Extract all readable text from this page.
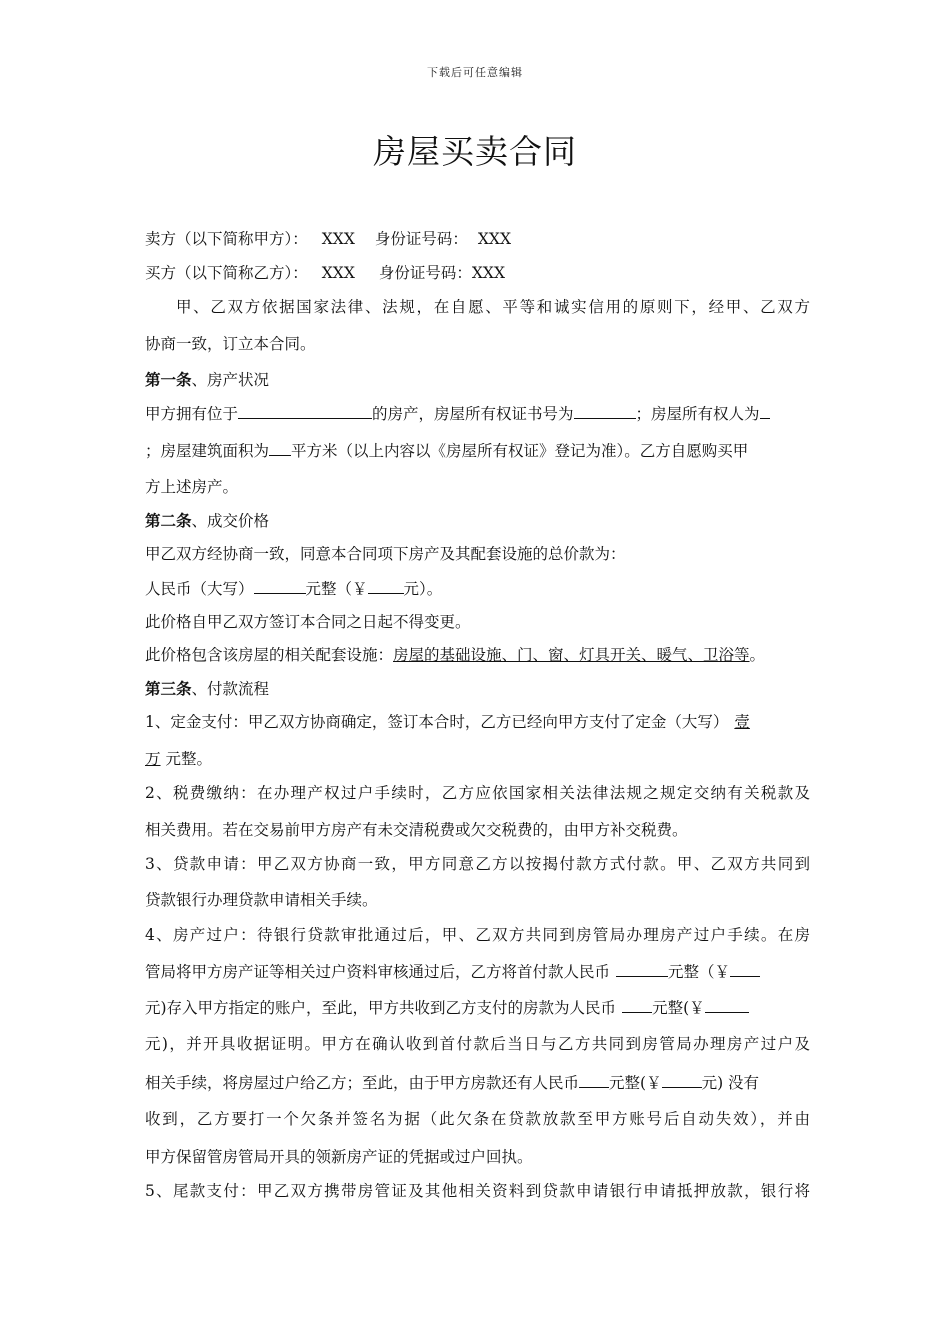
下载后可任意编辑
房屋买卖合同
卖方（以下简称甲方）： XXX 身份证号码： XXX
买方（以下简称乙方）： XXX 身份证号码：XXX
甲、乙双方依据国家法律、法规，在自愿、平等和诚实信用的原则下，经甲、乙双方
协商一致，订立本合同。
第一条、房产状况
甲方拥有位于	的房产，房屋所有权证书号为	；房屋所有权人为
；房屋建筑面积为 平方米（以上内容以《房屋所有权证》登记为准）。乙方自愿购买甲
方上述房产。
第二条、成交价格
甲乙双方经协商一致，同意本合同项下房产及其配套设施的总价款为：
人民币（大写）	元整（￥ 元）。
此价格自甲乙双方签订本合同之日起不得变更。
此价格包含该房屋的相关配套设施：房屋的基础设施、门、窗、灯具开关、暖气、卫浴等。
第三条、付款流程
1、定金支付：甲乙双方协商确定，签订本合时，乙方已经向甲方支付了定金（大写） 壹
万 元整。
2、税费缴纳：在办理产权过户手续时，乙方应依国家相关法律法规之规定交纳有关税款及
相关费用。若在交易前甲方房产有未交清税费或欠交税费的，由甲方补交税费。
3、贷款申请：甲乙双方协商一致，甲方同意乙方以按揭付款方式付款。甲、乙双方共同到
贷款银行办理贷款申请相关手续。
4、房产过户：待银行贷款审批通过后，甲、乙双方共同到房管局办理房产过户手续。在房
管局将甲方房产证等相关过户资料审核通过后，乙方将首付款人民币	元整（￥
元)存入甲方指定的账户，至此，甲方共收到乙方支付的房款为人民币 元整(￥
元)，并开具收据证明。甲方在确认收到首付款后当日与乙方共同到房管局办理房产过户及
相关手续，将房屋过户给乙方；至此，由于甲方房款还有人民币 元整(￥	元) 没有
收到，乙方要打一个欠条并签名为据（此欠条在贷款放款至甲方账号后自动失效），并由
甲方保留管房管局开具的领新房产证的凭据或过户回执。
5、尾款支付：甲乙双方携带房管证及其他相关资料到贷款申请银行申请抵押放款，银行将
